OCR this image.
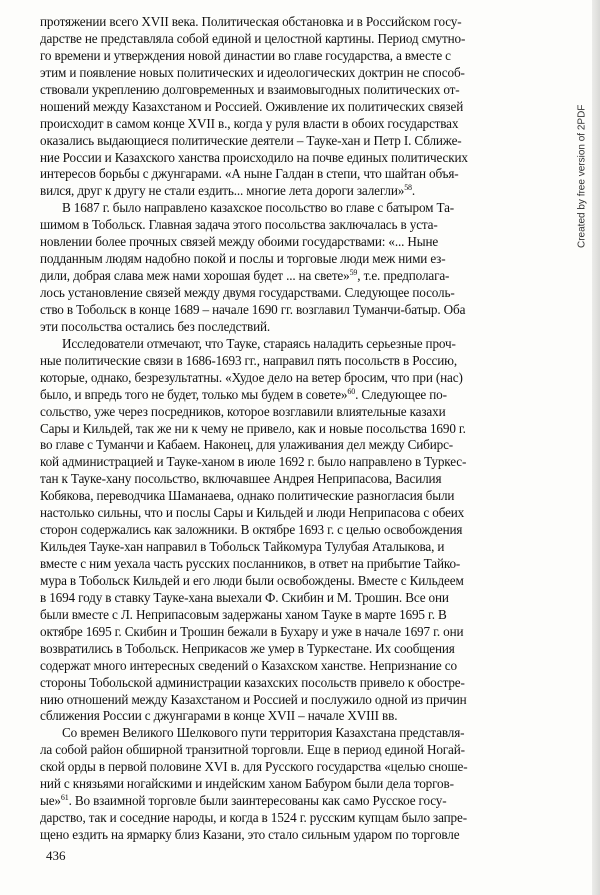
протяжении всего XVII века. Политическая обстановка и в Российском госу-
дарстве не представляла собой единой и целостной картины. Период смутно-
го времени и утверждения новой династии во главе государства, а вместе с
этим и появление новых политических и идеологических доктрин не способ-
ствовали укреплению долговременных и взаимовыгодных политических от-
ношений между Казахстаном и Россией. Оживление их политических связей
происходит в самом конце XVII в., когда у руля власти в обоих государствах
оказались выдающиеся политические деятели – Тауке-хан и Петр I. Сближе-
ние России и Казахского ханства происходило на почве единых политических
интересов борьбы с джунгарами. «А ныне Галдан в степи, что шайтан объя-
вился, друг к другу не стали ездить... многие лета дороги залегли»$^{58}$.
В 1687 г. было направлено казахское посольство во главе с батыром Та-
шимом в Тобольск. Главная задача этого посольства заключалась в уста-
новлении более прочных связей между обоими государствами: «... Ныне
подданным людям надобно покой и послы и торговые люди меж ними ез-
дили, добрая слава меж нами хорошая будет ... на свете»$^{59}$, т.е. предполага-
лось установление связей между двумя государствами. Следующее посоль-
ство в Тобольск в конце 1689 – начале 1690 гг. возглавил Туманчи-батыр. Оба
эти посольства остались без последствий.
Исследователи отмечают, что Тауке, стараясь наладить серьезные проч-
ные политические связи в 1686-1693 гг., направил пять посольств в Россию,
которые, однако, безрезультатны. «Худое дело на ветер бросим, что при (нас)
было, и впредь того не будет, только мы будем в совете»$^{60}$. Следующее по-
сольство, уже через посредников, которое возглавили влиятельные казахи
Сары и Кильдей, так же ни к чему не привело, как и новые посольства 1690 г.
во главе с Туманчи и Кабаем. Наконец, для улаживания дел между Сибирс-
кой администрацией и Тауке-ханом в июле 1692 г. было направлено в Туркес-
тан к Тауке-хану посольство, включавшее Андрея Неприпасова, Василия
Кобякова, переводчика Шаманаева, однако политические разногласия были
настолько сильны, что и послы Сары и Кильдей и люди Неприпасова с обеих
сторон содержались как заложники. В октябре 1693 г. с целью освобождения
Кильдея Тауке-хан направил в Тобольск Тайкомура Тулубая Аталыкова, и
вместе с ним уехала часть русских посланников, в ответ на прибытие Тайко-
мура в Тобольск Кильдей и его люди были освобождены. Вместе с Кильдеем
в 1694 году в ставку Тауке-хана выехали Ф. Скибин и М. Трошин. Все они
были вместе с Л. Неприпасовым задержаны ханом Тауке в марте 1695 г. В
октябре 1695 г. Скибин и Трошин бежали в Бухару и уже в начале 1697 г. они
возвратились в Тобольск. Неприкасов же умер в Туркестане. Их сообщения
содержат много интересных сведений о Казахском ханстве. Непризнание со
стороны Тобольской администрации казахских посольств привело к обостре-
нию отношений между Казахстаном и Россией и послужило одной из причин
сближения России с джунгарами в конце XVII – начале XVIII вв.
Со времен Великого Шелкового пути территория Казахстана представля-
ла собой район обширной транзитной торговли. Еще в период единой Ногай-
ской орды в первой половине XVI в. для Русского государства «целью сноше-
ний с князьями ногайскими и индейским ханом Бабуром были дела торгов-
ые»$^{61}$. Во взаимной торговле были заинтересованы как само Русское госу-
дарство, так и соседние народы, и когда в 1524 г. русским купцам было запре-
щено ездить на ярмарку близ Казани, это стало сильным ударом по торговле
436
Created by free version of 2PDF
